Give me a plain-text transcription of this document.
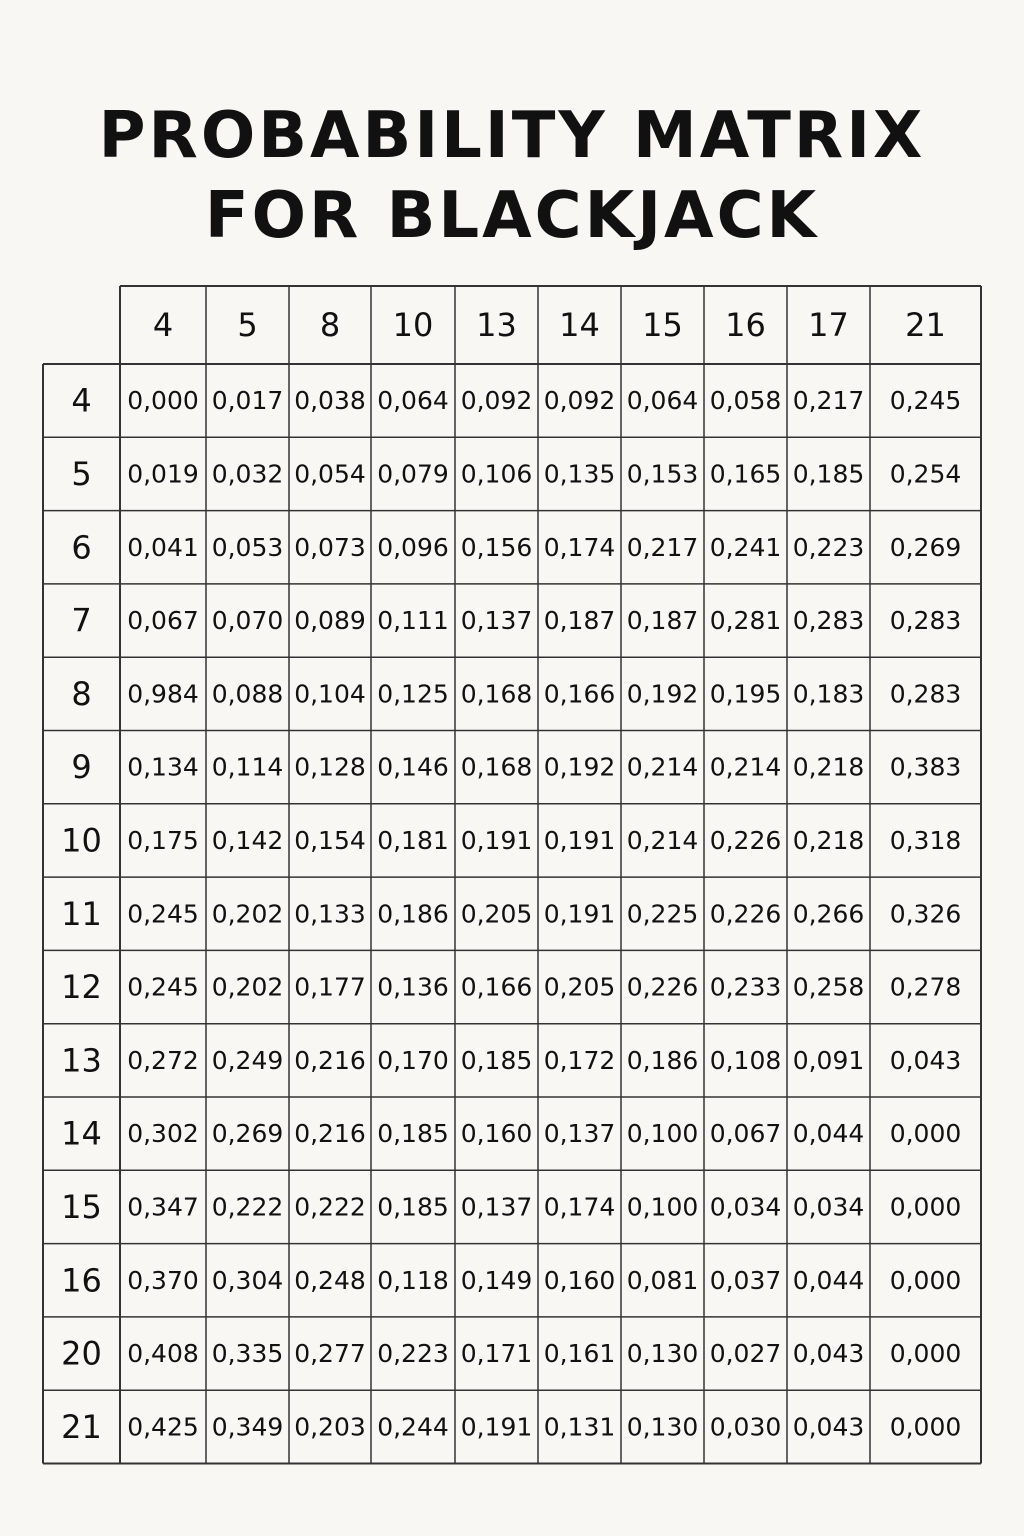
PROBABILITY MATRIX
FOR BLACKJACK
4 5 8 10 13 14 15 16 17 21
4 0,000 0,017 0,038 0,064 0,092 0,092 0,064 0,058 0,217 0,245
5 0,019 0,032 0,054 0,079 0,106 0,135 0,153 0,165 0,185 0,254
6 0,041 0,053 0,073 0,096 0,156 0,174 0,217 0,241 0,223 0,269
7 0,067 0,070 0,089 0,111 0,137 0,187 0,187 0,281 0,283 0,283
8 0,984 0,088 0,104 0,125 0,168 0,166 0,192 0,195 0,183 0,283
9 0,134 0,114 0,128 0,146 0,168 0,192 0,214 0,214 0,218 0,383
10 0,175 0,142 0,154 0,181 0,191 0,191 0,214 0,226 0,218 0,318
11 0,245 0,202 0,133 0,186 0,205 0,191 0,225 0,226 0,266 0,326
12 0,245 0,202 0,177 0,136 0,166 0,205 0,226 0,233 0,258 0,278
13 0,272 0,249 0,216 0,170 0,185 0,172 0,186 0,108 0,091 0,043
14 0,302 0,269 0,216 0,185 0,160 0,137 0,100 0,067 0,044 0,000
15 0,347 0,222 0,222 0,185 0,137 0,174 0,100 0,034 0,034 0,000
16 0,370 0,304 0,248 0,118 0,149 0,160 0,081 0,037 0,044 0,000
20 0,408 0,335 0,277 0,223 0,171 0,161 0,130 0,027 0,043 0,000
21 0,425 0,349 0,203 0,244 0,191 0,131 0,130 0,030 0,043 0,000
